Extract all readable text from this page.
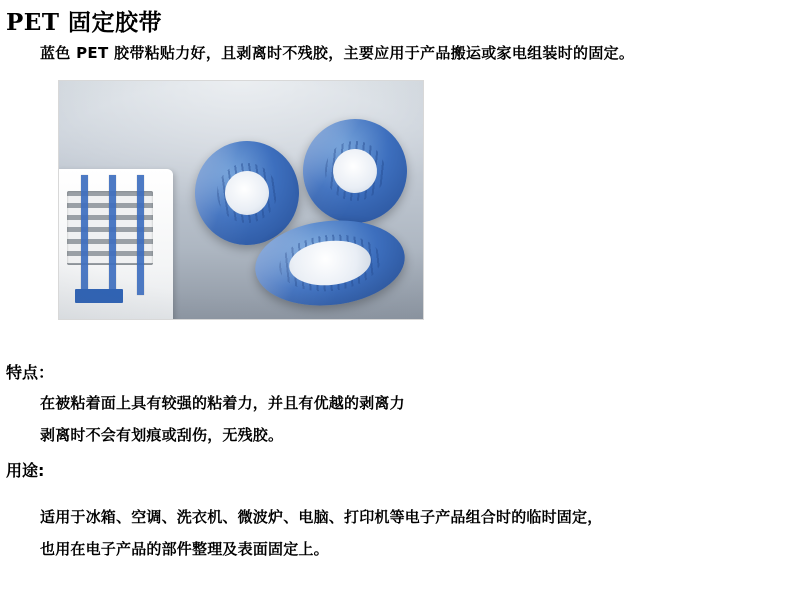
PET 固定胶带
蓝色 PET 胶带粘贴力好，且剥离时不残胶，主要应用于产品搬运或家电组装时的固定。
特点：
在被粘着面上具有较强的粘着力，并且有优越的剥离力
剥离时不会有划痕或刮伤，无残胶。
用途:
适用于冰箱、空调、洗衣机、微波炉、电脑、打印机等电子产品组合时的临时固定，
也用在电子产品的部件整理及表面固定上。
